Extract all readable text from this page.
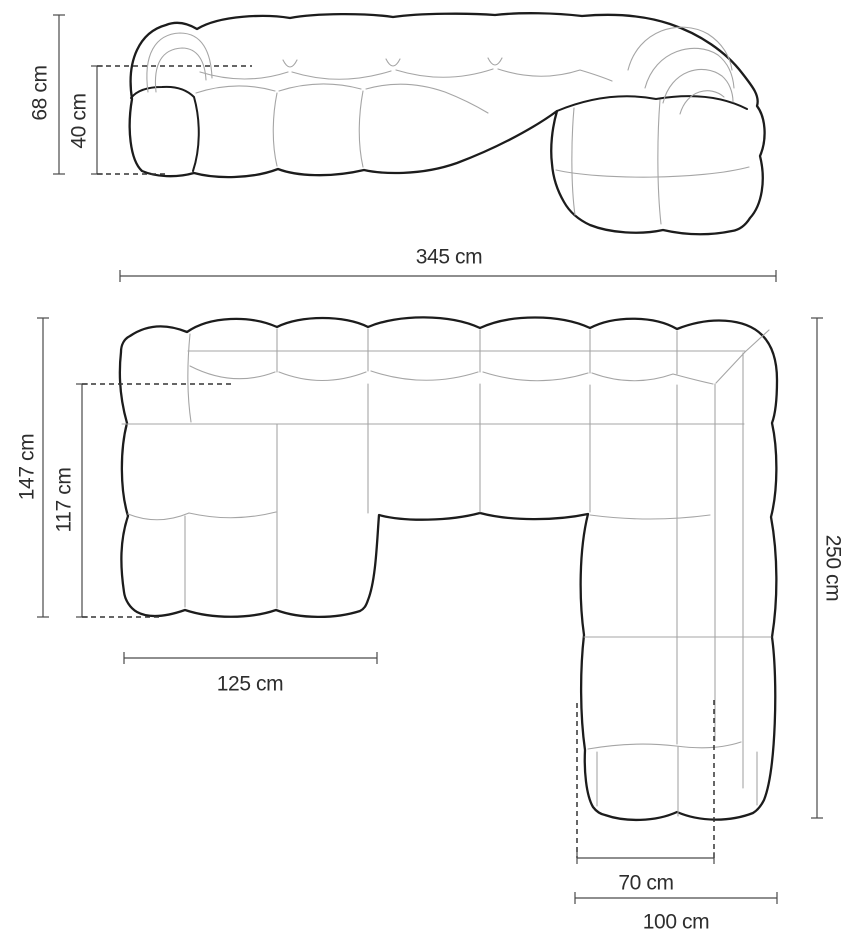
68 cm
40 cm
345 cm
147 cm 117 cm
250 cm
125 cm
70 cm
100 cm
